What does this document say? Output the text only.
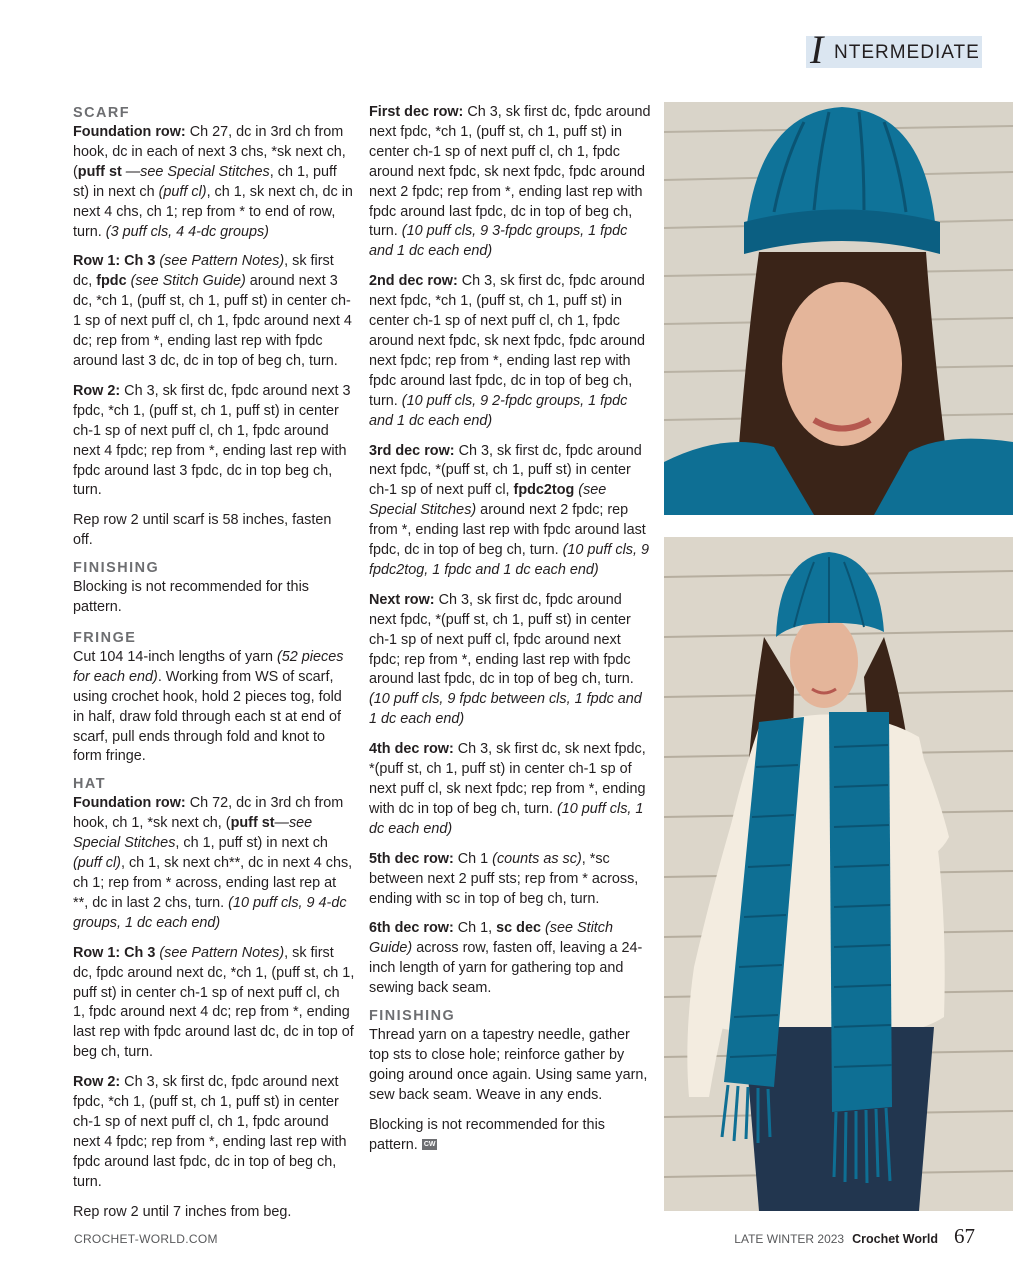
I NTERMEDIATE
SCARF

Foundation row: Ch 27, dc in 3rd ch from hook, dc in each of next 3 chs, *sk next ch, (puff st —see Special Stitches, ch 1, puff st) in next ch (puff cl), ch 1, sk next ch, dc in next 4 chs, ch 1; rep from * to end of row, turn. (3 puff cls, 4 4-dc groups)

Row 1: Ch 3 (see Pattern Notes), sk first dc, fpdc (see Stitch Guide) around next 3 dc, *ch 1, (puff st, ch 1, puff st) in center ch-1 sp of next puff cl, ch 1, fpdc around next 4 dc; rep from *, ending last rep with fpdc around last 3 dc, dc in top of beg ch, turn.

Row 2: Ch 3, sk first dc, fpdc around next 3 fpdc, *ch 1, (puff st, ch 1, puff st) in center ch-1 sp of next puff cl, ch 1, fpdc around next 4 fpdc; rep from *, ending last rep with fpdc around last 3 fpdc, dc in top beg ch, turn.

Rep row 2 until scarf is 58 inches, fasten off.

FINISHING

Blocking is not recommended for this pattern.

FRINGE

Cut 104 14-inch lengths of yarn (52 pieces for each end). Working from WS of scarf, using crochet hook, hold 2 pieces tog, fold in half, draw fold through each st at end of scarf, pull ends through fold and knot to form fringe.

HAT

Foundation row: Ch 72, dc in 3rd ch from hook, ch 1, *sk next ch, (puff st—see Special Stitches, ch 1, puff st) in next ch (puff cl), ch 1, sk next ch**, dc in next 4 chs, ch 1; rep from * across, ending last rep at **, dc in last 2 chs, turn. (10 puff cls, 9 4-dc groups, 1 dc each end)

Row 1: Ch 3 (see Pattern Notes), sk first dc, fpdc around next dc, *ch 1, (puff st, ch 1, puff st) in center ch-1 sp of next puff cl, ch 1, fpdc around next 4 dc; rep from *, ending last rep with fpdc around last dc, dc in top of beg ch, turn.

Row 2: Ch 3, sk first dc, fpdc around next fpdc, *ch 1, (puff st, ch 1, puff st) in center ch-1 sp of next puff cl, ch 1, fpdc around next 4 fpdc; rep from *, ending last rep with fpdc around last fpdc, dc in top of beg ch, turn.

Rep row 2 until 7 inches from beg.

First dec row: Ch 3, sk first dc, fpdc around next fpdc, *ch 1, (puff st, ch 1, puff st) in center ch-1 sp of next puff cl, ch 1, fpdc around next fpdc, sk next fpdc, fpdc around next 2 fpdc; rep from *, ending last rep with fpdc around last fpdc, dc in top of beg ch, turn. (10 puff cls, 9 3-fpdc groups, 1 fpdc and 1 dc each end)

2nd dec row: Ch 3, sk first dc, fpdc around next fpdc, *ch 1, (puff st, ch 1, puff st) in center ch-1 sp of next puff cl, ch 1, fpdc around next fpdc, sk next fpdc, fpdc around next fpdc; rep from *, ending last rep with fpdc around last fpdc, dc in top of beg ch, turn. (10 puff cls, 9 2-fpdc groups, 1 fpdc and 1 dc each end)

3rd dec row: Ch 3, sk first dc, fpdc around next fpdc, *(puff st, ch 1, puff st) in center ch-1 sp of next puff cl, fpdc2tog (see Special Stitches) around next 2 fpdc; rep from *, ending last rep with fpdc around last fpdc, dc in top of beg ch, turn. (10 puff cls, 9 fpdc2tog, 1 fpdc and 1 dc each end)

Next row: Ch 3, sk first dc, fpdc around next fpdc, *(puff st, ch 1, puff st) in center ch-1 sp of next puff cl, fpdc around next fpdc; rep from *, ending last rep with fpdc around last fpdc, dc in top of beg ch, turn. (10 puff cls, 9 fpdc between cls, 1 fpdc and 1 dc each end)

4th dec row: Ch 3, sk first dc, sk next fpdc, *(puff st, ch 1, puff st) in center ch-1 sp of next puff cl, sk next fpdc; rep from *, ending with dc in top of beg ch, turn. (10 puff cls, 1 dc each end)

5th dec row: Ch 1 (counts as sc), *sc between next 2 puff sts; rep from * across, ending with sc in top of beg ch, turn.

6th dec row: Ch 1, sc dec (see Stitch Guide) across row, fasten off, leaving a 24-inch length of yarn for gathering top and sewing back seam.

FINISHING

Thread yarn on a tapestry needle, gather top sts to close hole; reinforce gather by going around once again. Using same yarn, sew back seam. Weave in any ends.

Blocking is not recommended for this pattern. CW

CROCHET-WORLD.COM	LATE WINTER 2023 Crochet World 67
